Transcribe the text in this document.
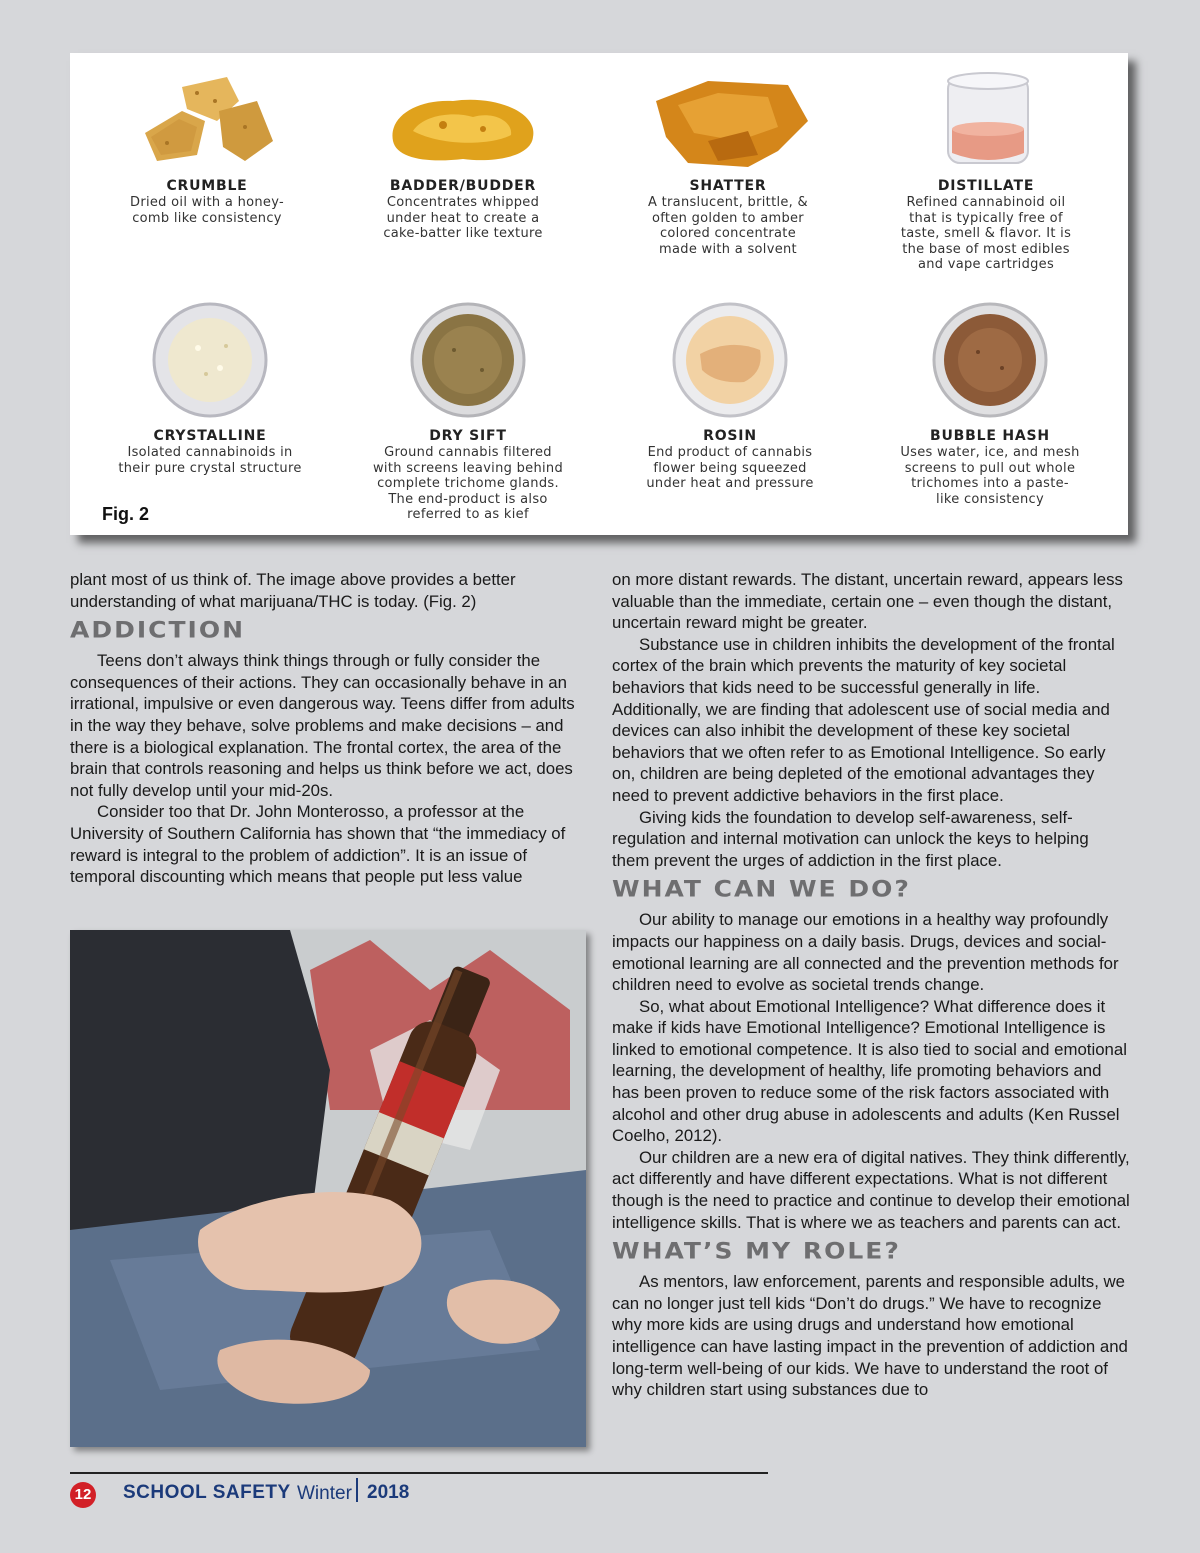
CRUMBLE
Dried oil with a honey-
comb like consistency
BADDER/BUDDER
Concentrates whipped
under heat to create a
cake-batter like texture
SHATTER
A translucent, brittle, &
often golden to amber
colored concentrate
made with a solvent
DISTILLATE
Refined cannabinoid oil
that is typically free of
taste, smell & flavor. It is
the base of most edibles
and vape cartridges
CRYSTALLINE
Isolated cannabinoids in
their pure crystal structure
DRY SIFT
Ground cannabis filtered
with screens leaving behind
complete trichome glands.
The end-product is also
referred to as kief
ROSIN
End product of cannabis
flower being squeezed
under heat and pressure
BUBBLE HASH
Uses water, ice, and mesh
screens to pull out whole
trichomes into a paste-
like consistency
Fig. 2

plant most of us think of. The image above provides a better understanding of what marijuana/THC is today. (Fig. 2)

ADDICTION

Teens don’t always think things through or fully consider the consequences of their actions. They can occasionally behave in an irrational, impulsive or even dangerous way. Teens differ from adults in the way they behave, solve problems and make decisions – and there is a biological explanation. The frontal cortex, the area of the brain that controls reasoning and helps us think before we act, does not fully develop until your mid-20s.

Consider too that Dr. John Monterosso, a professor at the University of Southern California has shown that “the immediacy of reward is integral to the problem of addiction”. It is an issue of temporal discounting which means that people put less value

on more distant rewards. The distant, uncertain reward, appears less valuable than the immediate, certain one – even though the distant, uncertain reward might be greater.

Substance use in children inhibits the development of the frontal cortex of the brain which prevents the maturity of key societal behaviors that kids need to be successful generally in life. Additionally, we are finding that adolescent use of social media and devices can also inhibit the development of these key societal behaviors that we often refer to as Emotional Intelligence. So early on, children are being depleted of the emotional advantages they need to prevent addictive behaviors in the first place.

Giving kids the foundation to develop self-awareness, self-regulation and internal motivation can unlock the keys to helping them prevent the urges of addiction in the first place.

WHAT CAN WE DO?

Our ability to manage our emotions in a healthy way profoundly impacts our happiness on a daily basis. Drugs, devices and social-emotional learning are all connected and the prevention methods for children need to evolve as societal trends change.

So, what about Emotional Intelligence? What difference does it make if kids have Emotional Intelligence? Emotional Intelligence is linked to emotional competence. It is also tied to social and emotional learning, the development of healthy, life promoting behaviors and has been proven to reduce some of the risk factors associated with alcohol and other drug abuse in adolescents and adults (Ken Russel Coelho, 2012).

Our children are a new era of digital natives. They think differently, act differently and have different expectations. What is not different though is the need to practice and continue to develop their emotional intelligence skills. That is where we as teachers and parents can act.

WHAT’S MY ROLE?

As mentors, law enforcement, parents and responsible adults, we can no longer just tell kids “Don’t do drugs.” We have to recognize why more kids are using drugs and understand how emotional intelligence can have lasting impact in the prevention of addiction and long-term well-being of our kids. We have to understand the root of why children start using substances due to

12 SCHOOL SAFETY Winter 2018
